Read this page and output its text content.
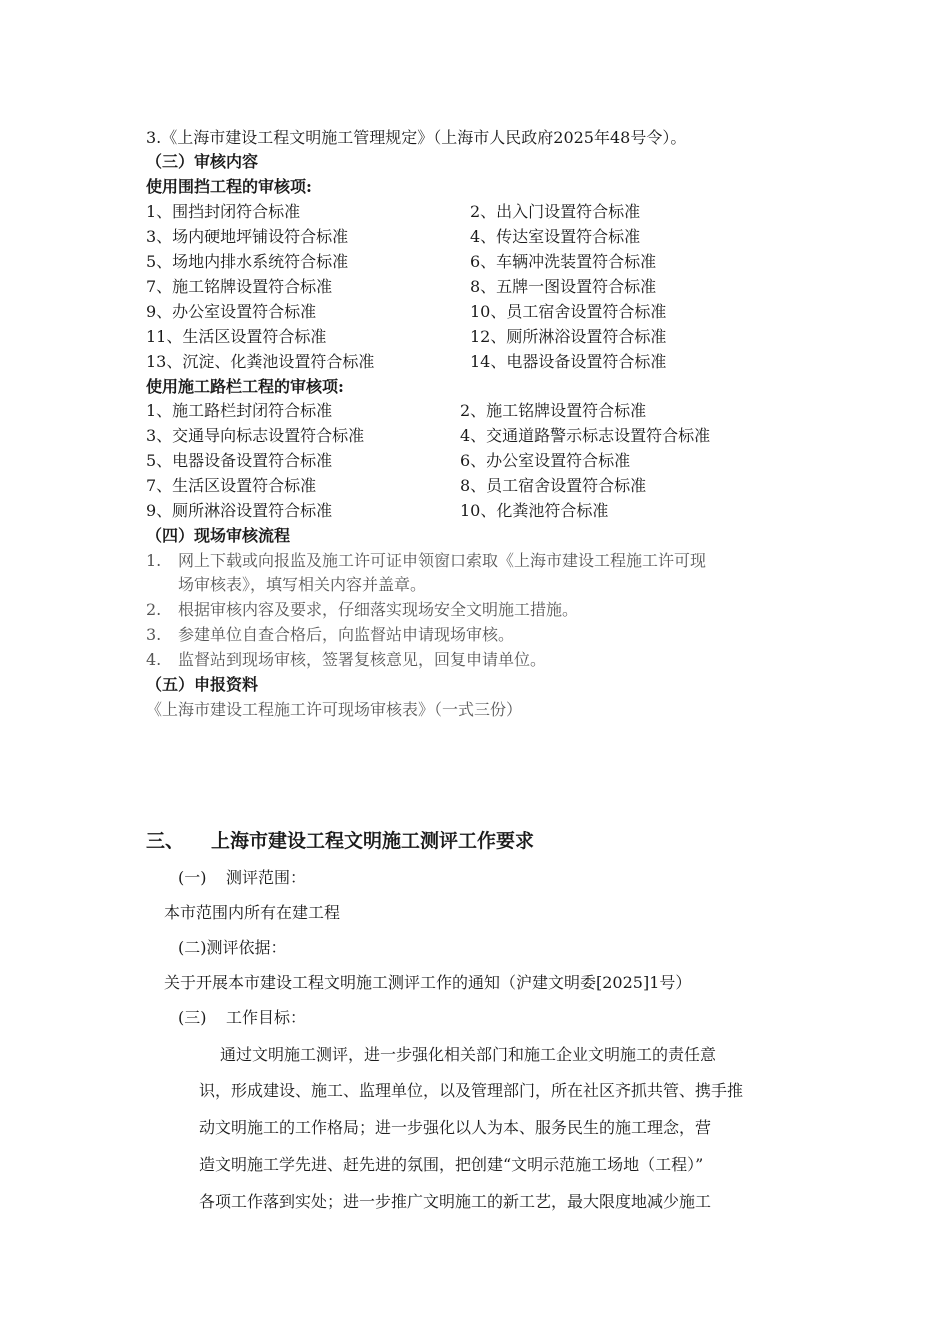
3.《上海市建设工程文明施工管理规定》（上海市人民政府2025年48号令）。
（三）审核内容
使用围挡工程的审核项:
1、围挡封闭符合标准	2、出入门设置符合标准
3、场内硬地坪铺设符合标准	4、传达室设置符合标准
5、场地内排水系统符合标准	6、车辆冲洗装置符合标准
7、施工铭牌设置符合标准	8、五牌一图设置符合标准
9、办公室设置符合标准	10、员工宿舍设置符合标准
11、生活区设置符合标准	12、厕所淋浴设置符合标准
13、沉淀、化粪池设置符合标准	14、电器设备设置符合标准
使用施工路栏工程的审核项:
1、施工路栏封闭符合标准	2、施工铭牌设置符合标准
3、交通导向标志设置符合标准	4、交通道路警示标志设置符合标准
5、电器设备设置符合标准	6、办公室设置符合标准
7、生活区设置符合标准	8、员工宿舍设置符合标准
9、厕所淋浴设置符合标准	10、化粪池符合标准
（四）现场审核流程
1. 网上下载或向报监及施工许可证申领窗口索取《上海市建设工程施工许可现
场审核表》，填写相关内容并盖章。
2. 根据审核内容及要求，仔细落实现场安全文明施工措施。
3. 参建单位自查合格后，向监督站申请现场审核。
4. 监督站到现场审核，签署复核意见，回复申请单位。
（五）申报资料
《上海市建设工程施工许可现场审核表》（一式三份）
三、 上海市建设工程文明施工测评工作要求
(一) 测评范围：
本市范围内所有在建工程
(二)测评依据：
关于开展本市建设工程文明施工测评工作的通知（沪建文明委[2025]1号）
(三) 工作目标：
通过文明施工测评，进一步强化相关部门和施工企业文明施工的责任意
识，形成建设、施工、监理单位，以及管理部门，所在社区齐抓共管、携手推
动文明施工的工作格局；进一步强化以人为本、服务民生的施工理念，营
造文明施工学先进、赶先进的氛围，把创建“文明示范施工场地（工程）”
各项工作落到实处；进一步推广文明施工的新工艺，最大限度地减少施工
